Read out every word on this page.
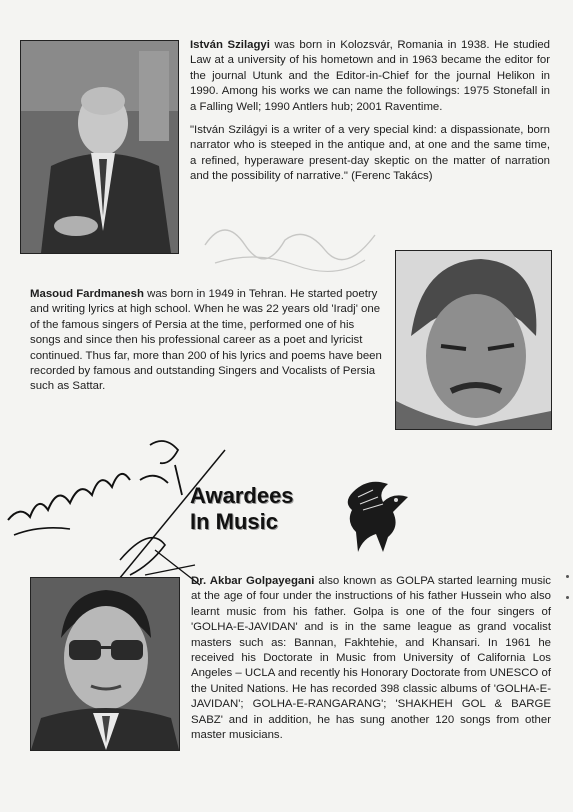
István Szilagyi was born in Kolozsvár, Romania in 1938. He studied Law at a university of his hometown and in 1963 became the editor for the journal Utunk and the Editor-in-Chief for the journal Helikon in 1990. Among his works we can name the followings: 1975 Stonefall in a Falling Well; 1990 Antlers hub; 2001 Raventime.

"István Szilágyi is a writer of a very special kind: a dispassionate, born narrator who is steeped in the antique and, at one and the same time, a refined, hyperaware present-day skeptic on the matter of narration and the possibility of narrative." (Ferenc Takács)

Masoud Fardmanesh was born in 1949 in Tehran. He started poetry and writing lyrics at high school. When he was 22 years old 'Iradj' one of the famous singers of Persia at the time, performed one of his songs and since then his professional career as a poet and lyricist continued. Thus far, more than 200 of his lyrics and poems have been recorded by famous and outstanding Singers and Vocalists of Persia such as Sattar.
Awardees
In Music
Dr. Akbar Golpayegani also known as GOLPA started learning music at the age of four under the instructions of his father Hussein who also learnt music from his father. Golpa is one of the four singers of 'GOLHA-E-JAVIDAN' and is in the same league as grand vocalist masters such as: Bannan, Fakhtehie, and Khansari. In 1961 he received his Doctorate in Music from University of California Los Angeles – UCLA and recently his Honorary Doctorate from UNESCO of the United Nations. He has recorded 398 classic albums of 'GOLHA-E-JAVIDAN'; GOLHA-E-RANGARANG'; 'SHAKHEH GOL & BARGE SABZ' and in addition, he has sung another 120 songs from other master musicians.
